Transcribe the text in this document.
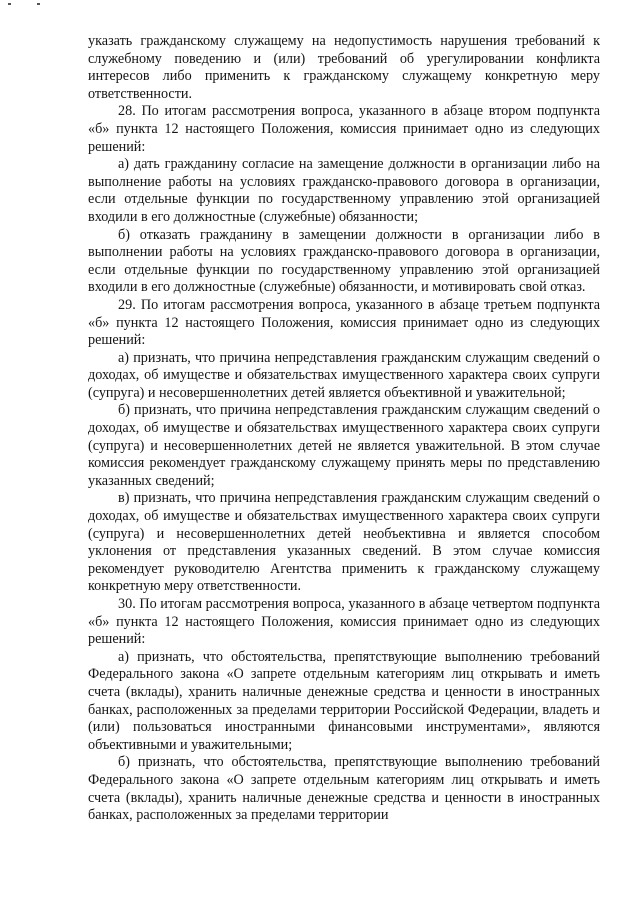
указать гражданскому служащему на недопустимость нарушения требований к служебному поведению и (или) требований об урегулировании конфликта интересов либо применить к гражданскому служащему конкретную меру ответственности.

28. По итогам рассмотрения вопроса, указанного в абзаце втором подпункта «б» пункта 12 настоящего Положения, комиссия принимает одно из следующих решений:

а) дать гражданину согласие на замещение должности в организации либо на выполнение работы на условиях гражданско-правового договора в организации, если отдельные функции по государственному управлению этой организацией входили в его должностные (служебные) обязанности;

б) отказать гражданину в замещении должности в организации либо в выполнении работы на условиях гражданско-правового договора в организации, если отдельные функции по государственному управлению этой организацией входили в его должностные (служебные) обязанности, и мотивировать свой отказ.

29. По итогам рассмотрения вопроса, указанного в абзаце третьем подпункта «б» пункта 12 настоящего Положения, комиссия принимает одно из следующих решений:

а) признать, что причина непредставления гражданским служащим сведений о доходах, об имуществе и обязательствах имущественного характера своих супруги (супруга) и несовершеннолетних детей является объективной и уважительной;

б) признать, что причина непредставления гражданским служащим сведений о доходах, об имуществе и обязательствах имущественного характера своих супруги (супруга) и несовершеннолетних детей не является уважительной. В этом случае комиссия рекомендует гражданскому служащему принять меры по представлению указанных сведений;

в) признать, что причина непредставления гражданским служащим сведений о доходах, об имуществе и обязательствах имущественного характера своих супруги (супруга) и несовершеннолетних детей необъективна и является способом уклонения от представления указанных сведений. В этом случае комиссия рекомендует руководителю Агентства применить к гражданскому служащему конкретную меру ответственности.

30. По итогам рассмотрения вопроса, указанного в абзаце четвертом подпункта «б» пункта 12 настоящего Положения, комиссия принимает одно из следующих решений:

а) признать, что обстоятельства, препятствующие выполнению требований Федерального закона «О запрете отдельным категориям лиц открывать и иметь счета (вклады), хранить наличные денежные средства и ценности в иностранных банках, расположенных за пределами территории Российской Федерации, владеть и (или) пользоваться иностранными финансовыми инструментами», являются объективными и уважительными;

б) признать, что обстоятельства, препятствующие выполнению требований Федерального закона «О запрете отдельным категориям лиц открывать и иметь счета (вклады), хранить наличные денежные средства и ценности в иностранных банках, расположенных за пределами территории
